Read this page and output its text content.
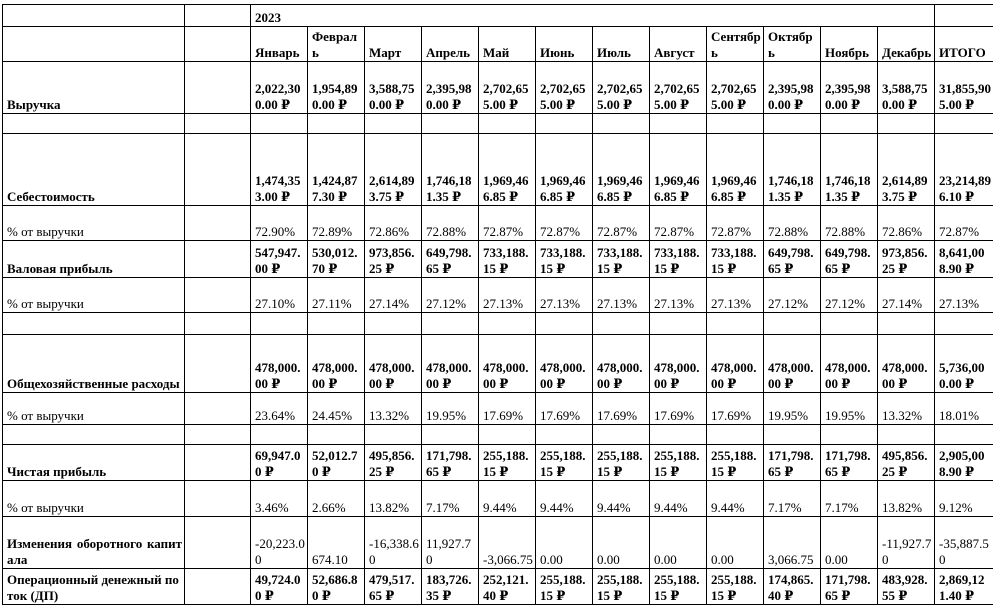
		2023												
		Январь	Февраль	Март	Апрель	Май	Июнь	Июль	Август	Сентябрь	Октябрь	Ноябрь	Декабрь	ИТОГО
Выручка		2,022,300.00 ₽	1,954,890.00 ₽	3,588,750.00 ₽	2,395,980.00 ₽	2,702,655.00 ₽	2,702,655.00 ₽	2,702,655.00 ₽	2,702,655.00 ₽	2,702,655.00 ₽	2,395,980.00 ₽	2,395,980.00 ₽	3,588,750.00 ₽	31,855,905.00 ₽

Себестоимость		1,474,353.00 ₽	1,424,877.30 ₽	2,614,893.75 ₽	1,746,181.35 ₽	1,969,466.85 ₽	1,969,466.85 ₽	1,969,466.85 ₽	1,969,466.85 ₽	1,969,466.85 ₽	1,746,181.35 ₽	1,746,181.35 ₽	2,614,893.75 ₽	23,214,896.10 ₽
% от выручки		72.90%	72.89%	72.86%	72.88%	72.87%	72.87%	72.87%	72.87%	72.87%	72.88%	72.88%	72.86%	72.87%
Валовая прибыль		547,947.00 ₽	530,012.70 ₽	973,856.25 ₽	649,798.65 ₽	733,188.15 ₽	733,188.15 ₽	733,188.15 ₽	733,188.15 ₽	733,188.15 ₽	649,798.65 ₽	649,798.65 ₽	973,856.25 ₽	8,641,008.90 ₽
% от выручки		27.10%	27.11%	27.14%	27.12%	27.13%	27.13%	27.13%	27.13%	27.13%	27.12%	27.12%	27.14%	27.13%

Общехозяйственные расходы		478,000.00 ₽	478,000.00 ₽	478,000.00 ₽	478,000.00 ₽	478,000.00 ₽	478,000.00 ₽	478,000.00 ₽	478,000.00 ₽	478,000.00 ₽	478,000.00 ₽	478,000.00 ₽	478,000.00 ₽	5,736,000.00 ₽
% от выручки		23.64%	24.45%	13.32%	19.95%	17.69%	17.69%	17.69%	17.69%	17.69%	19.95%	19.95%	13.32%	18.01%

Чистая прибыль		69,947.00 ₽	52,012.70 ₽	495,856.25 ₽	171,798.65 ₽	255,188.15 ₽	255,188.15 ₽	255,188.15 ₽	255,188.15 ₽	255,188.15 ₽	171,798.65 ₽	171,798.65 ₽	495,856.25 ₽	2,905,008.90 ₽
% от выручки		3.46%	2.66%	13.82%	7.17%	9.44%	9.44%	9.44%	9.44%	9.44%	7.17%	7.17%	13.82%	9.12%
Изменения оборотного капитала		-20,223.00	674.10	-16,338.60	11,927.70	-3,066.75	0.00	0.00	0.00	0.00	3,066.75	0.00	-11,927.70	-35,887.50
Операционный денежный поток (ДП)		49,724.00 ₽	52,686.80 ₽	479,517.65 ₽	183,726.35 ₽	252,121.40 ₽	255,188.15 ₽	255,188.15 ₽	255,188.15 ₽	255,188.15 ₽	174,865.40 ₽	171,798.65 ₽	483,928.55 ₽	2,869,121.40 ₽
